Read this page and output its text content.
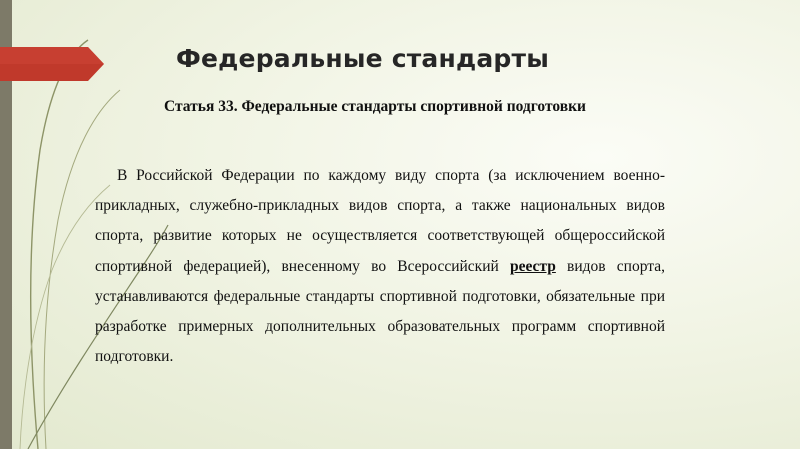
Федеральные стандарты
Статья 33. Федеральные стандарты спортивной подготовки

В Российской Федерации по каждому виду спорта (за исключением военно-прикладных, служебно-прикладных видов спорта, а также национальных видов спорта, развитие которых не осуществляется соответствующей общероссийской спортивной федерацией), внесенному во Всероссийский реестр видов спорта, устанавливаются федеральные стандарты спортивной подготовки, обязательные при разработке примерных дополнительных образовательных программ спортивной подготовки.
